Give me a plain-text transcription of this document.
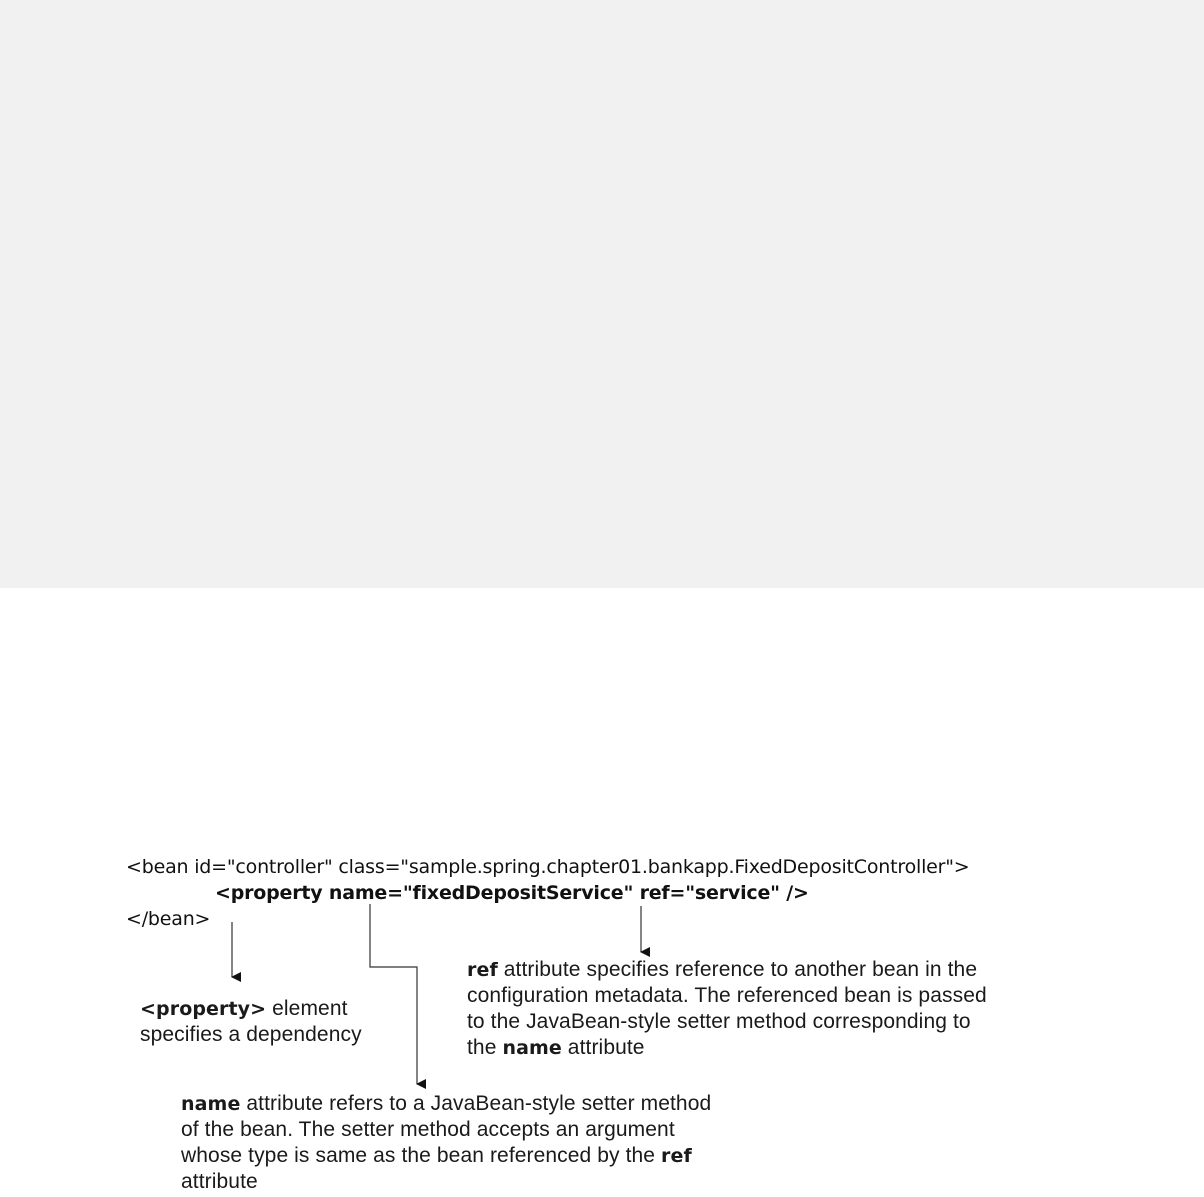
<bean id="controller" class="sample.spring.chapter01.bankapp.FixedDepositController">
<property name="fixedDepositService" ref="service" />
</bean>
<property> element
specifies a dependency
ref attribute specifies reference to another bean in the
configuration metadata. The referenced bean is passed
to the JavaBean-style setter method corresponding to
the name attribute
name attribute refers to a JavaBean-style setter method
of the bean. The setter method accepts an argument
whose type is same as the bean referenced by the ref
attribute
